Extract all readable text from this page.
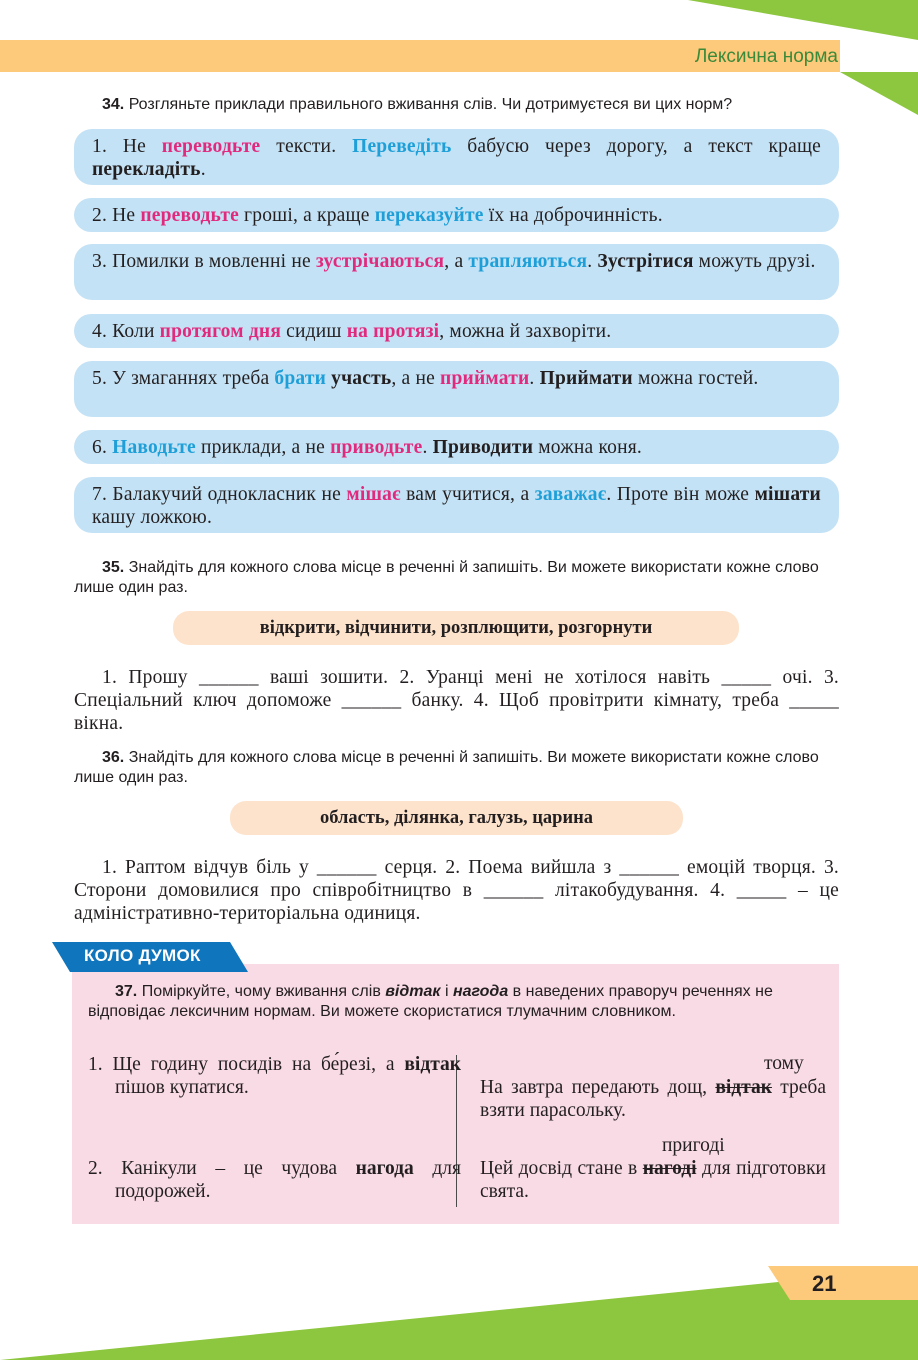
Лексична норма
34. Розгляньте приклади правильного вживання слів. Чи дотримуєтеся ви цих норм?
1. Не переводьте тексти. Переведіть бабусю через дорогу, а текст краще перекладіть.
2. Не переводьте гроші, а краще переказуйте їх на доброчинність.
3. Помилки в мовленні не зустрічаються, а трапляються. Зустрітися можуть друзі.
4. Коли протягом дня сидиш на протязі, можна й захворіти.
5. У змаганнях треба брати участь, а не приймати. Приймати можна гостей.
6. Наводьте приклади, а не приводьте. Приводити можна коня.
7. Балакучий однокласник не мішає вам учитися, а заважає. Проте він може мішати кашу ложкою.
35. Знайдіть для кожного слова місце в реченні й запишіть. Ви можете використати кожне слово лише один раз.
відкрити, відчинити, розплющити, розгорнути
1. Прошу ______ ваші зошити. 2. Уранці мені не хотілося навіть _____ очі. 3. Спеціальний ключ допоможе ______ банку. 4. Щоб провітрити кімнату, треба _____ вікна.
36. Знайдіть для кожного слова місце в реченні й запишіть. Ви можете використати кожне слово лише один раз.
область, ділянка, галузь, царина
1. Раптом відчув біль у ______ серця. 2. Поема вийшла з ______ емоцій творця. 3. Сторони домовилися про співробітництво в ______ літакобудування. 4. _____ – це адміністративно-територіальна одиниця.
КОЛО ДУМОК
37. Поміркуйте, чому вживання слів відтак і нагода в наведених праворуч реченнях не відповідає лексичним нормам. Ви можете скористатися тлумачним словником.
1. Ще годину посидів на бе́резі, а відтак пішов купатися.
2. Канікули – це чудова нагода для подорожей.
тому
На завтра передають дощ, відтак треба взяти парасольку.
пригоді
Цей досвід стане в нагоді для підготовки свята.
21
